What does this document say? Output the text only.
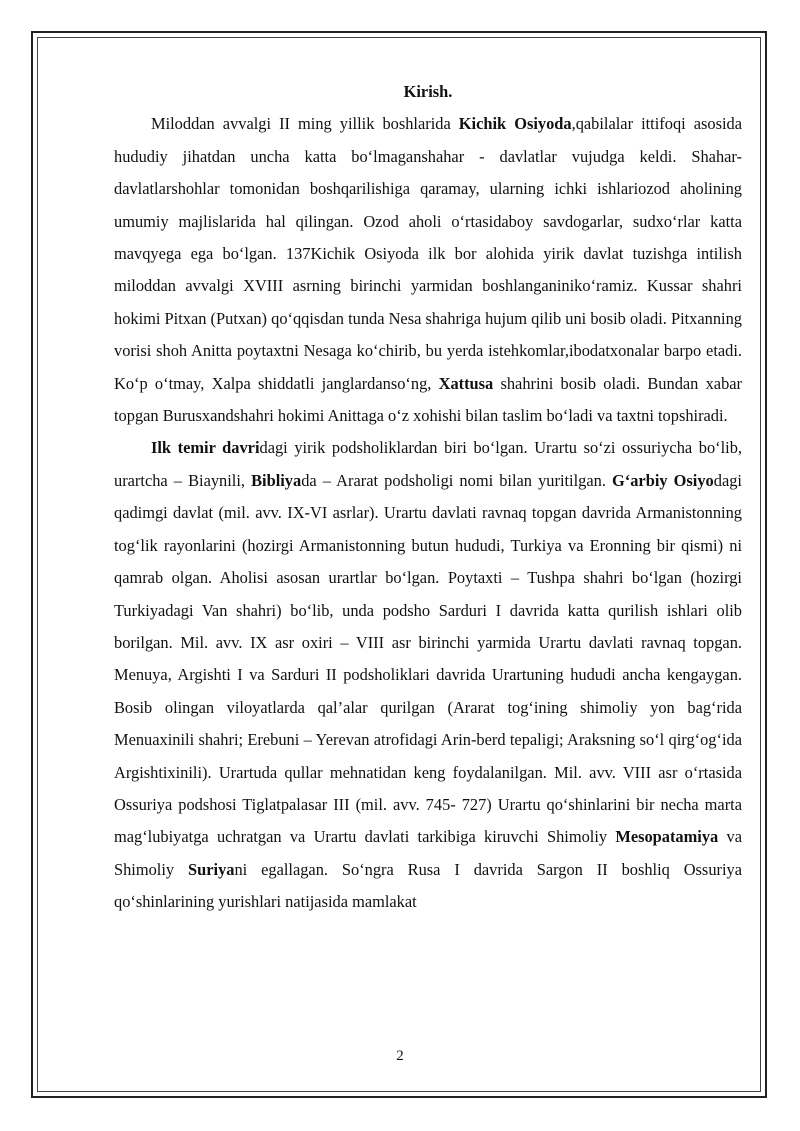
Kirish.

Miloddan avvalgi II ming yillik boshlarida Kichik Osiyoda,qabilalar ittifoqi asosida hududiy jihatdan uncha katta boʻlmaganshahar - davlatlar vujudga keldi. Shahar-davlatlarshohlar tomonidan boshqarilishiga qaramay, ularning ichki ishlariozod aholining umumiy majlislarida hal qilingan. Ozod aholi oʻrtasidaboy savdogarlar, sudxoʻrlar katta mavqyega ega boʻlgan. 137Kichik Osiyoda ilk bor alohida yirik davlat tuzishga intilish miloddan avvalgi XVIII asrning birinchi yarmidan boshlanganiniko‘ramiz. Kussar shahri hokimi Pitxan (Putxan) qoʻqqisdan tunda Nesa shahriga hujum qilib uni bosib oladi. Pitxanning vorisi shoh Anitta poytaxtni Nesaga koʻchirib, bu yerda istehkomlar,ibodatxonalar barpo etadi. Koʻp oʻtmay, Xalpa shiddatli janglardanso‘ng, Xattusa shahrini bosib oladi. Bundan xabar topgan Burusxandshahri hokimi Anittaga o‘z xohishi bilan taslim bo‘ladi va taxtni topshiradi.

Ilk temir davridagi yirik podsholiklardan biri bo‘lgan. Urartu so‘zi ossuriycha bo‘lib, urartcha – Biaynili, Bibliyada – Ararat podsholigi nomi bilan yuritilgan. G‘arbiy Osiyodagi qadimgi davlat (mil. avv. IX-VI asrlar). Urartu davlati ravnaq topgan davrida Armanistonning tog‘lik rayonlarini (hozirgi Armanistonning butun hududi, Turkiya va Eronning bir qismi) ni qamrab olgan. Aholisi asosan urartlar bo‘lgan. Poytaxti – Tushpa shahri bo‘lgan (hozirgi Turkiyadagi Van shahri) bo‘lib, unda podsho Sarduri I davrida katta qurilish ishlari olib borilgan. Mil. avv. IX asr oxiri – VIII asr birinchi yarmida Urartu davlati ravnaq topgan. Menuya, Argishti I va Sarduri II podsholiklari davrida Urartuning hududi ancha kengaygan. Bosib olingan viloyatlarda qal’alar qurilgan (Ararat tog‘ining shimoliy yon bag‘rida Menuaxinili shahri; Erebuni – Yerevan atrofidagi Arin-berd tepaligi; Araksning so‘l qirg‘og‘ida Argishtixinili). Urartuda qullar mehnatidan keng foydalanilgan. Mil. avv. VIII asr o‘rtasida Ossuriya podshosi Tiglatpalasar III (mil. avv. 745- 727) Urartu qo‘shinlarini bir necha marta mag‘lubiyatga uchratgan va Urartu davlati tarkibiga kiruvchi Shimoliy Mesopatamiya va Shimoliy Suriyani egallagan. So‘ngra Rusa I davrida Sargon II boshliq Ossuriya qo‘shinlarining yurishlari natijasida mamlakat

2
